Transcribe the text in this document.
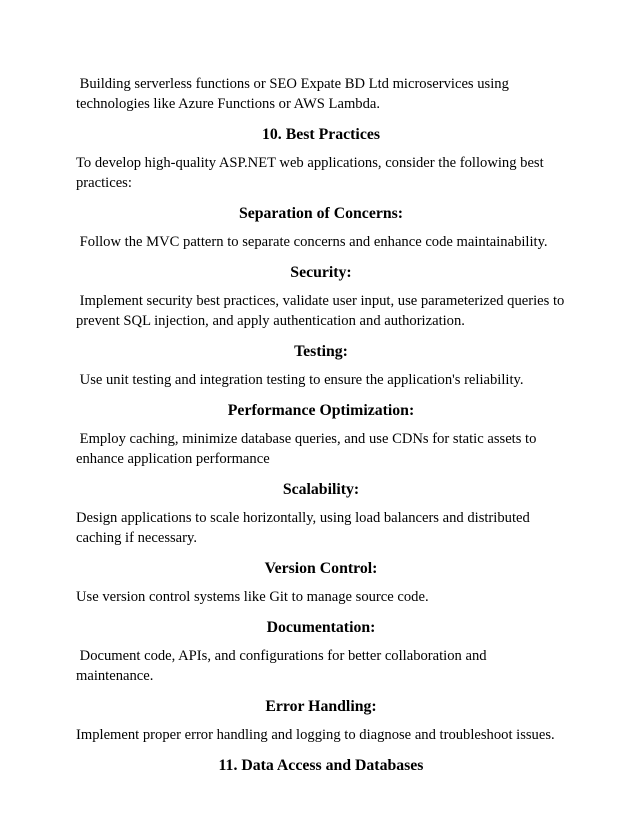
Building serverless functions or SEO Expate BD Ltd microservices using technologies like Azure Functions or AWS Lambda.

10. Best Practices

To develop high-quality ASP.NET web applications, consider the following best practices:

Separation of Concerns:

Follow the MVC pattern to separate concerns and enhance code maintainability.

Security:

Implement security best practices, validate user input, use parameterized queries to prevent SQL injection, and apply authentication and authorization.

Testing:

Use unit testing and integration testing to ensure the application's reliability.

Performance Optimization:

Employ caching, minimize database queries, and use CDNs for static assets to enhance application performance

Scalability:

Design applications to scale horizontally, using load balancers and distributed caching if necessary.

Version Control:

Use version control systems like Git to manage source code.

Documentation:

Document code, APIs, and configurations for better collaboration and maintenance.

Error Handling:

Implement proper error handling and logging to diagnose and troubleshoot issues.

11. Data Access and Databases
